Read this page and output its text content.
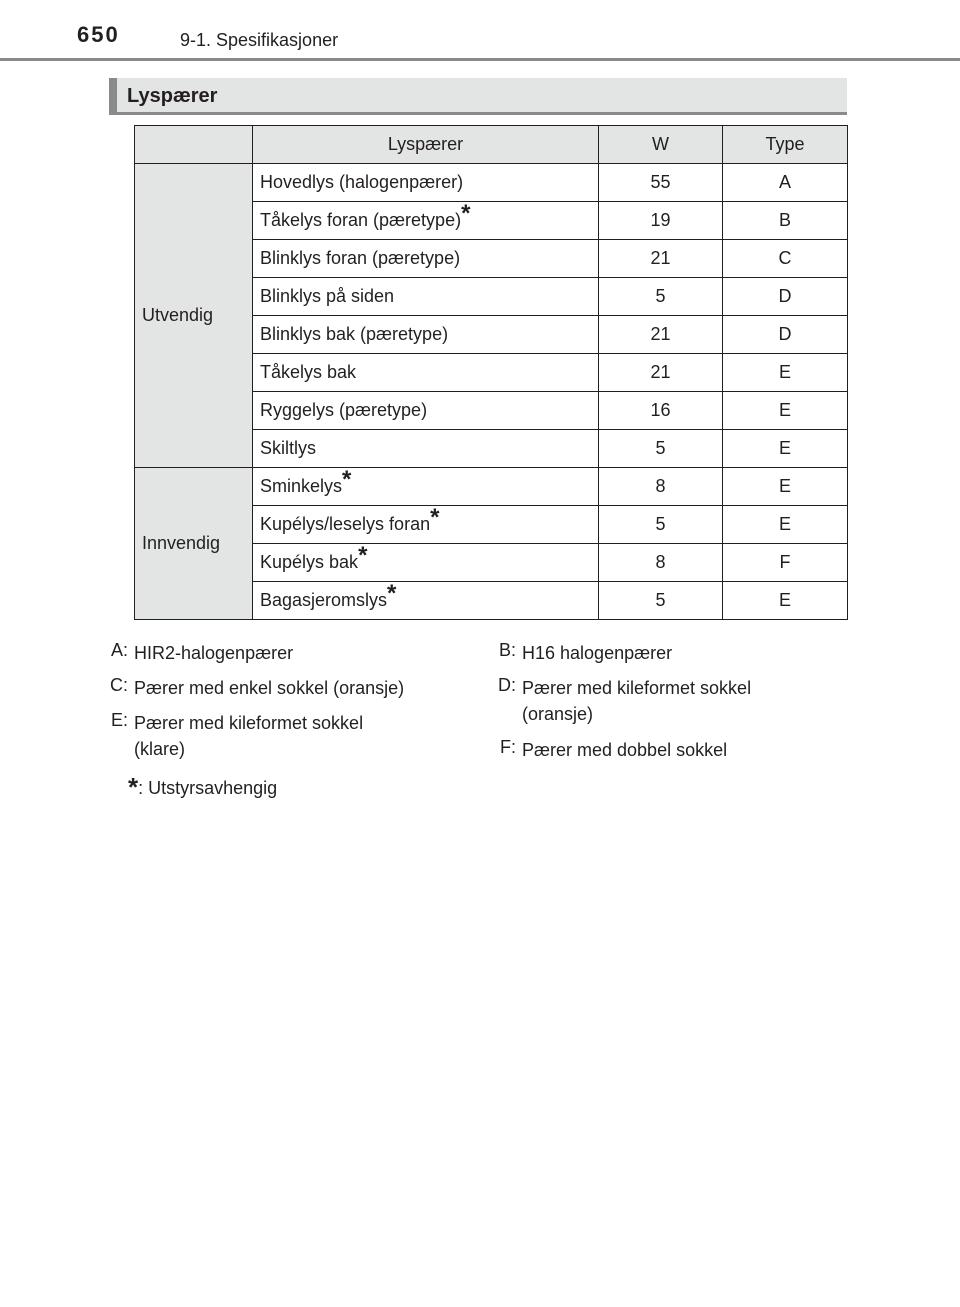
650	9-1. Spesifikasjoner
Lyspærer
	Lyspærer	W	Type
Utvendig	Hovedlys (halogenpærer)	55	A
	Tåkelys foran (pæretype)*	19	B
	Blinklys foran (pæretype)	21	C
	Blinklys på siden	5	D
	Blinklys bak (pæretype)	21	D
	Tåkelys bak	21	E
	Ryggelys (pæretype)	16	E
	Skiltlys	5	E
Innvendig	Sminkelys*	8	E
	Kupélys/leselys foran*	5	E
	Kupélys bak*	8	F
	Bagasjeromslys*	5	E
A: HIR2-halogenpærer	B: H16 halogenpærer
C: Pærer med enkel sokkel (oransje)	D: Pærer med kileformet sokkel (oransje)
E: Pærer med kileformet sokkel (klare)	F: Pærer med dobbel sokkel
*: Utstyrsavhengig
